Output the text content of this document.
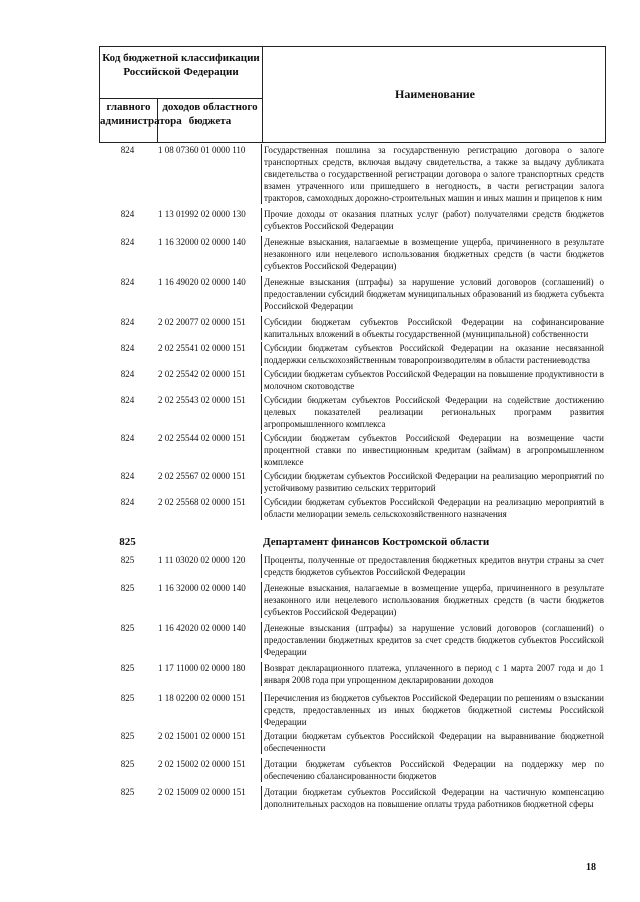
Код бюджетной классификации Российской Федерации
главного администратора
доходов областного бюджета
Наименование
824	1 08 07360 01 0000 110	Государственная пошлина за государственную регистрацию договора о залоге транспортных средств, включая выдачу свидетельства, а также за выдачу дубликата свидетельства о государственной регистрации договора о залоге транспортных средств взамен утраченного или пришедшего в негодность, в части регистрации залога тракторов, самоходных дорожно-строительных машин и иных машин и прицепов к ним
824	1 13 01992 02 0000 130	Прочие доходы от оказания платных услуг (работ) получателями средств бюджетов субъектов Российской Федерации
824	1 16 32000 02 0000 140	Денежные взыскания, налагаемые в возмещение ущерба, причиненного в результате незаконного или нецелевого использования бюджетных средств (в части бюджетов субъектов Российской Федерации)
824	1 16 49020 02 0000 140	Денежные взыскания (штрафы) за нарушение условий договоров (соглашений) о предоставлении субсидий бюджетам муниципальных образований из бюджета субъекта Российской Федерации
824	2 02 20077 02 0000 151	Субсидии бюджетам субъектов Российской Федерации на софинансирование капитальных вложений в объекты государственной (муниципальной) собственности
824	2 02 25541 02 0000 151	Субсидии бюджетам субъектов Российской Федерации на оказание несвязанной поддержки сельскохозяйственным товаропроизводителям в области растениеводства
824	2 02 25542 02 0000 151	Субсидии бюджетам субъектов Российской Федерации на повышение продуктивности в молочном скотоводстве
824	2 02 25543 02 0000 151	Субсидии бюджетам субъектов Российской Федерации на содействие достижению целевых показателей реализации региональных программ развития агропромышленного комплекса
824	2 02 25544 02 0000 151	Субсидии бюджетам субъектов Российской Федерации на возмещение части процентной ставки по инвестиционным кредитам (займам) в агропромышленном комплексе
824	2 02 25567 02 0000 151	Субсидии бюджетам субъектов Российской Федерации на реализацию мероприятий по устойчивому развитию сельских территорий
824	2 02 25568 02 0000 151	Субсидии бюджетам субъектов Российской Федерации на реализацию мероприятий в области мелиорации земель сельскохозяйственного назначения
825	Департамент финансов Костромской области
825	1 11 03020 02 0000 120	Проценты, полученные от предоставления бюджетных кредитов внутри страны за счет средств бюджетов субъектов Российской Федерации
825	1 16 32000 02 0000 140	Денежные взыскания, налагаемые в возмещение ущерба, причиненного в результате незаконного или нецелевого использования бюджетных средств (в части бюджетов субъектов Российской Федерации)
825	1 16 42020 02 0000 140	Денежные взыскания (штрафы) за нарушение условий договоров (соглашений) о предоставлении бюджетных кредитов за счет средств бюджетов субъектов Российской Федерации
825	1 17 11000 02 0000 180	Возврат декларационного платежа, уплаченного в период с 1 марта 2007 года и до 1 января 2008 года при упрощенном декларировании доходов
825	1 18 02200 02 0000 151	Перечисления из бюджетов субъектов Российской Федерации по решениям о взыскании средств, предоставленных из иных бюджетов бюджетной системы Российской Федерации
825	2 02 15001 02 0000 151	Дотации бюджетам субъектов Российской Федерации на выравнивание бюджетной обеспеченности
825	2 02 15002 02 0000 151	Дотации бюджетам субъектов Российской Федерации на поддержку мер по обеспечению сбалансированности бюджетов
825	2 02 15009 02 0000 151	Дотации бюджетам субъектов Российской Федерации на частичную компенсацию дополнительных расходов на повышение оплаты труда работников бюджетной сферы
18
